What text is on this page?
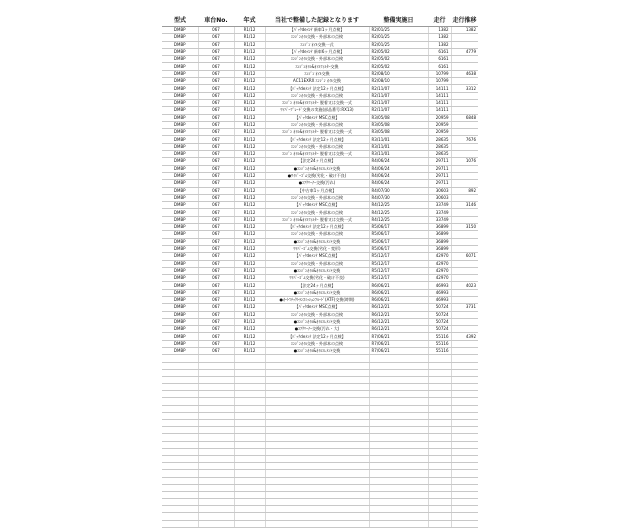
型式	車台No.	年式	当社で整備した記録となります	整備実施日	走行	走行推移
DMBP	067	R1/12	【ﾊﾟｯｸdeﾒﾝﾃ 新車1ヶ月点検】	R2/01/25	1382	1382
DMBP	067	R1/12	ｴﾝｼﾞﾝｵｲﾙ交換・外部本の点検	R2/01/25	1382	
DMBP	067	R1/12	ｴﾝｼﾞﾝ ｵｲﾙ交換一式	R2/01/25	1382	
DMBP	067	R1/12	【ﾊﾟｯｸdeﾒﾝﾃ 新車6ヶ月点検】	R2/05/02	6161	4779
DMBP	067	R1/12	ｴﾝｼﾞﾝｵｲﾙ交換・外部本の点検	R2/05/02	6161	
DMBP	067	R1/12	ｴﾝｼﾞﾝｵｲﾙ&ｵｲﾙﾌｨﾙﾀｰ交換	R2/05/02	6161	
DMBP	067	R1/12	ｴﾝｼﾞﾝ ｵｲﾙ交換	R2/08/10	10799	4638
DMBP	067	R1/12	AC11EXRX ｴﾝｼﾞﾝ ｵｲﾙ交換	R2/08/10	10799	
DMBP	067	R1/12	【ﾊﾟｯｸdeﾒﾝﾃ 法定12ヶ月点検】	R2/11/07	14111	3312
DMBP	067	R1/12	ｴﾝｼﾞﾝｵｲﾙ交換・外部本の点検	R2/11/07	14111	
DMBP	067	R1/12	ｴﾝｼﾞﾝ ｵｲﾙ&ｵｲﾙﾌｨﾙﾀｰ 脱着又は交換一式	R2/11/07	14111	
DMBP	067	R1/12	ﾜｲﾊﾟｰﾌﾞﾚｰﾄﾞ交換の実施(部品番号:RX13)	R2/11/07	14111	
DMBP	067	R1/12	【ﾊﾟｯｸdeﾒﾝﾃ MSC点検】	R3/05/08	20959	6848
DMBP	067	R1/12	ｴﾝｼﾞﾝｵｲﾙ交換・外部本の点検	R3/05/08	20959	
DMBP	067	R1/12	ｴﾝｼﾞﾝ ｵｲﾙ&ｵｲﾙﾌｨﾙﾀｰ 脱着又は交換一式	R3/05/08	20959	
DMBP	067	R1/12	【ﾊﾟｯｸdeﾒﾝﾃ 法定12ヶ月点検】	R3/11/01	28635	7676
DMBP	067	R1/12	ｴﾝｼﾞﾝｵｲﾙ交換・外部本の点検	R3/11/01	28635	
DMBP	067	R1/12	ｴﾝｼﾞﾝ ｵｲﾙ&ｵｲﾙﾌｨﾙﾀｰ 脱着又は交換一式	R3/11/01	28635	
DMBP	067	R1/12	【法定24ヶ月点検】	R4/06/24	29711	1076
DMBP	067	R1/12	●ｴﾝｼﾞﾝｵｲﾙ&ｵｲﾙｴﾚﾒﾝﾄ交換	R4/06/24	29711	
DMBP	067	R1/12	●ﾜｲﾊﾟｰｺﾞﾑ交換(劣化・破け不良)	R4/06/24	29711	
DMBP	067	R1/12	●ｴｱｸﾘｰﾅｰ交換(汚れ)	R4/06/24	29711	
DMBP	067	R1/12	【中古車1ヶ月点検】	R4/07/30	30603	892
DMBP	067	R1/12	ｴﾝｼﾞﾝｵｲﾙ交換・外部本の点検	R4/07/30	30603	
DMBP	067	R1/12	【ﾊﾟｯｸdeﾒﾝﾃ MSC点検】	R4/12/25	33749	3146
DMBP	067	R1/12	ｴﾝｼﾞﾝｵｲﾙ交換・外部本の点検	R4/12/25	33749	
DMBP	067	R1/12	ｴﾝｼﾞﾝ ｵｲﾙ&ｵｲﾙﾌｨﾙﾀｰ 脱着又は交換一式	R4/12/25	33749	
DMBP	067	R1/12	【ﾊﾟｯｸdeﾒﾝﾃ 法定12ヶ月点検】	R5/06/17	36899	3150
DMBP	067	R1/12	ｴﾝｼﾞﾝｵｲﾙ交換・外部本の点検	R5/06/17	36899	
DMBP	067	R1/12	●ｴﾝｼﾞﾝｵｲﾙ&ｵｲﾙｴﾚﾒﾝﾄ交換	R5/06/17	36899	
DMBP	067	R1/12	ﾜｲﾊﾟｰｺﾞﾑ交換(劣化・変形)	R5/06/17	36899	
DMBP	067	R1/12	【ﾊﾟｯｸdeﾒﾝﾃ MSC点検】	R5/12/17	42970	6071
DMBP	067	R1/12	ｴﾝｼﾞﾝｵｲﾙ交換・外部本の点検	R5/12/17	42970	
DMBP	067	R1/12	●ｴﾝｼﾞﾝｵｲﾙ&ｵｲﾙｴﾚﾒﾝﾄ交換	R5/12/17	42970	
DMBP	067	R1/12	ﾜｲﾊﾟｰｺﾞﾑ交換(劣化・破け不良)	R5/12/17	42970	
DMBP	067	R1/12	【法定24ヶ月点検】	R6/06/21	46993	4023
DMBP	067	R1/12	●ｴﾝｼﾞﾝｵｲﾙ&ｵｲﾙｴﾚﾒﾝﾄ交換	R6/06/21	46993	
DMBP	067	R1/12	●ｵｰﾄﾏﾁｯｸﾄﾗﾝｽﾐｯｼｮﾝﾌﾙｰﾄﾞ(ATF)交換(時期)	R6/06/21	46993	
DMBP	067	R1/12	【ﾊﾟｯｸdeﾒﾝﾃ MSC点検】	R6/12/21	50724	3731
DMBP	067	R1/12	ｴﾝｼﾞﾝｵｲﾙ交換・外部本の点検	R6/12/21	50724	
DMBP	067	R1/12	●ｴﾝｼﾞﾝｵｲﾙ&ｵｲﾙｴﾚﾒﾝﾄ交換	R6/12/21	50724	
DMBP	067	R1/12	●ｴｱｸﾘｰﾅｰ交換(汚れ・大)	R6/12/21	50724	
DMBP	067	R1/12	【ﾊﾟｯｸdeﾒﾝﾃ 法定12ヶ月点検】	R7/06/21	55116	4392
DMBP	067	R1/12	ｴﾝｼﾞﾝｵｲﾙ交換・外部本の点検	R7/06/21	55116	
DMBP	067	R1/12	●ｴﾝｼﾞﾝｵｲﾙ&ｵｲﾙｴﾚﾒﾝﾄ交換	R7/06/21	55116	
